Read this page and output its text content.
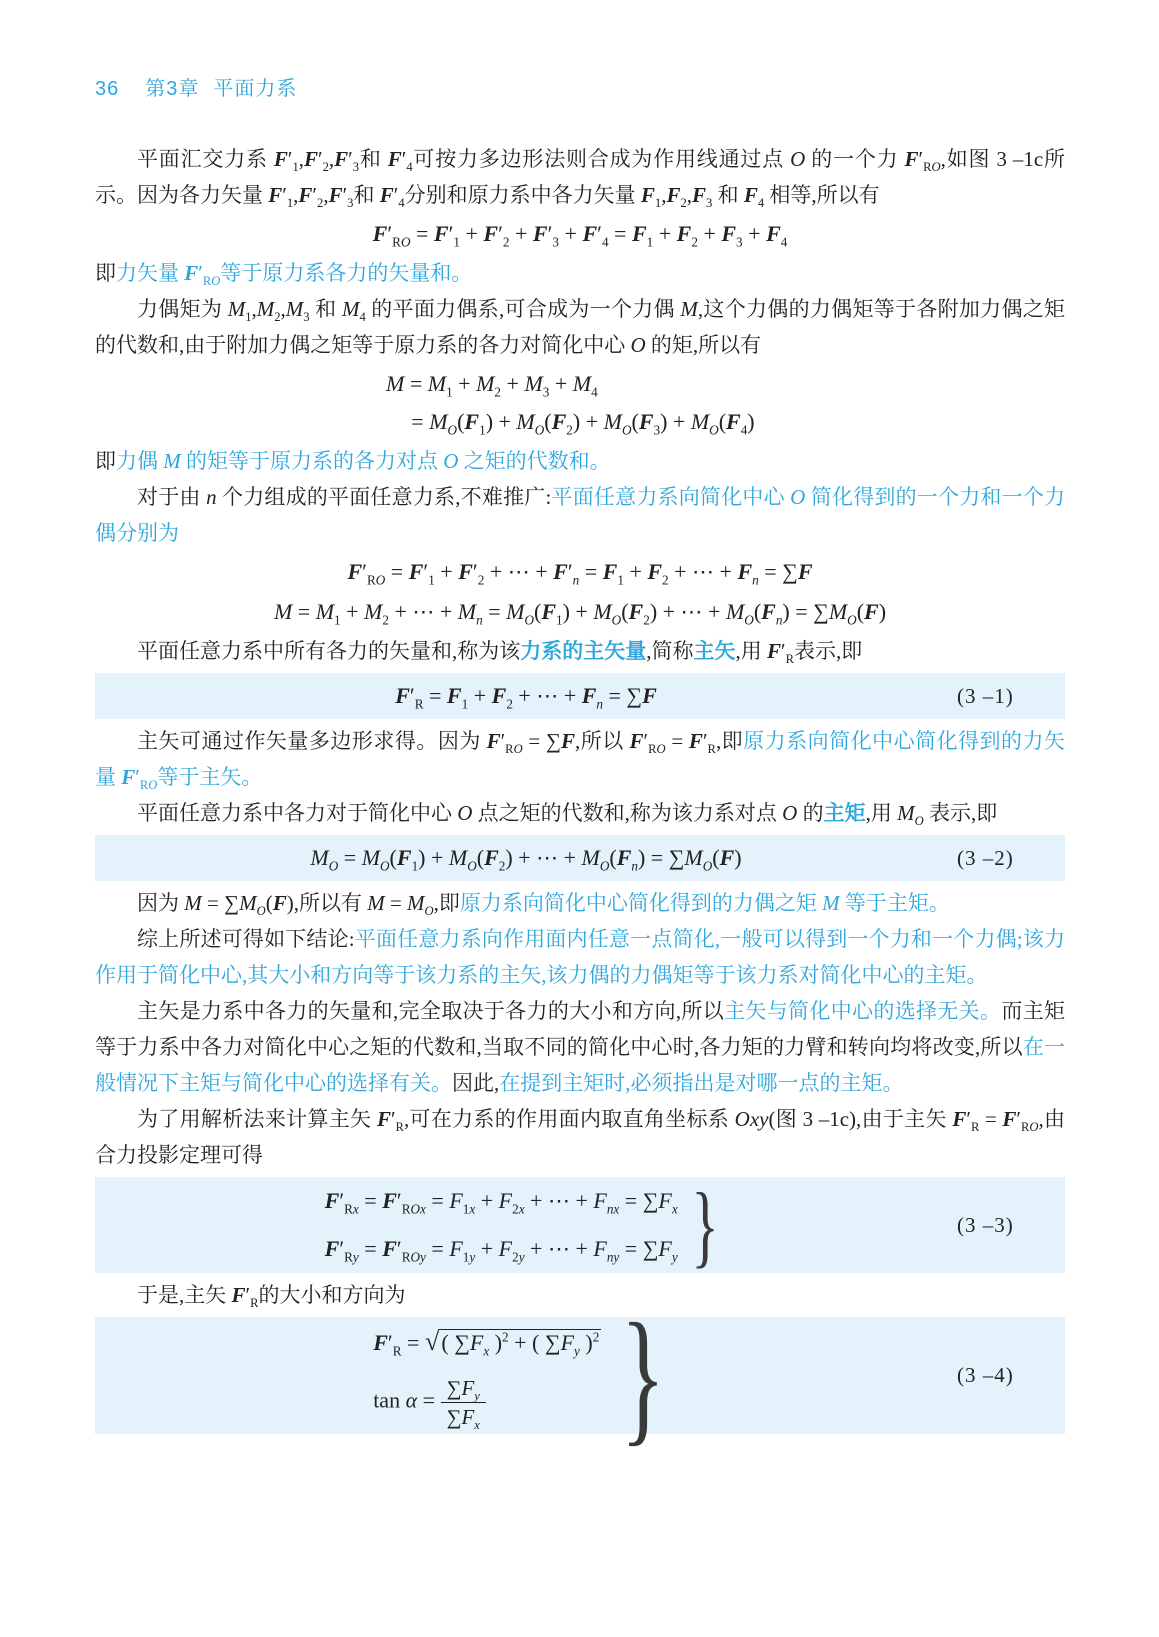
36 第3章 平面力系

平面汇交力系 $F'_1,F'_2,F'_3$和 $F'_4$可按力多边形法则合成为作用线通过点 O 的一个力 $F'_{RO}$,如图 3 –1c所示。因为各力矢量 $F'_1,F'_2,F'_3$和 $F'_4$分别和原力系中各力矢量 $F_1,F_2,F_3$ 和 $F_4$ 相等,所以有

$F'_{RO} = F'_1 + F'_2 + F'_3 + F'_4 = F_1 + F_2 + F_3 + F_4$

即力矢量 $F'_{RO}$等于原力系各力的矢量和。

力偶矩为 $M_1,M_2,M_3$ 和 $M_4$ 的平面力偶系,可合成为一个力偶 M,这个力偶的力偶矩等于各附加力偶之矩的代数和,由于附加力偶之矩等于原力系的各力对简化中心 O 的矩,所以有

$M = M_1 + M_2 + M_3 + M_4$
= $M_O(F_1) + M_O(F_2) + M_O(F_3) + M_O(F_4)$

即力偶 M 的矩等于原力系的各力对点 O 之矩的代数和。

对于由 n 个力组成的平面任意力系,不难推广:平面任意力系向简化中心 O 简化得到的一个力和一个力偶分别为

$F'_{RO} = F'_1 + F'_2$ + ⋯ + $F'_n = F_1 + F_2$ + ⋯ + $F_n = \sum F$
$M = M_1 + M_2$ + ⋯ + $M_n = M_O(F_1) + M_O(F_2)$ + ⋯ + $M_O(F_n) = \sum M_O(F)$

平面任意力系中所有各力的矢量和,称为该力系的主矢量,简称主矢,用 $F'_R$表示,即

$F'_R = F_1 + F_2$ + ⋯ + $F_n = \sum F$	(3 –1)

主矢可通过作矢量多边形求得。因为 $F'_{RO} = \sum F$,所以 $F'_{RO} = F'_R$,即原力系向简化中心简化得到的力矢量 $F'_{RO}$等于主矢。

平面任意力系中各力对于简化中心 O 点之矩的代数和,称为该力系对点 O 的主矩,用 $M_O$ 表示,即

$M_O = M_O(F_1) + M_O(F_2)$ + ⋯ + $M_O(F_n) = \sum M_O(F)$	(3 –2)

因为 $M = \sum M_O(F)$,所以有 $M = M_O$,即原力系向简化中心简化得到的力偶之矩 M 等于主矩。

综上所述可得如下结论:平面任意力系向作用面内任意一点简化,一般可以得到一个力和一个力偶;该力作用于简化中心,其大小和方向等于该力系的主矢,该力偶的力偶矩等于该力系对简化中心的主矩。

主矢是力系中各力的矢量和,完全取决于各力的大小和方向,所以主矢与简化中心的选择无关。而主矩等于力系中各力对简化中心之矩的代数和,当取不同的简化中心时,各力矩的力臂和转向均将改变,所以在一般情况下主矩与简化中心的选择有关。因此,在提到主矩时,必须指出是对哪一点的主矩。

为了用解析法来计算主矢 $F'_R$,可在力系的作用面内取直角坐标系 Oxy(图 3 –1c),由于主矢 $F'_R = F'_{RO}$,由合力投影定理可得

$F'_{Rx} = F'_{ROx} = F_{1x} + F_{2x}$ + ⋯ + $F_{nx} = \sum F_x$
$F'_{Ry} = F'_{ROy} = F_{1y} + F_{2y}$ + ⋯ + $F_{ny} = \sum F_y$ }	(3 –3)

于是,主矢 $F'_R$的大小和方向为

$F'_R$ = √( $\sum F_x$ )$^2$ + ( $\sum F_y$ )$^2$
$\tan \alpha = \frac{\sum F_y}{\sum F_x}$ }	(3 –4)
